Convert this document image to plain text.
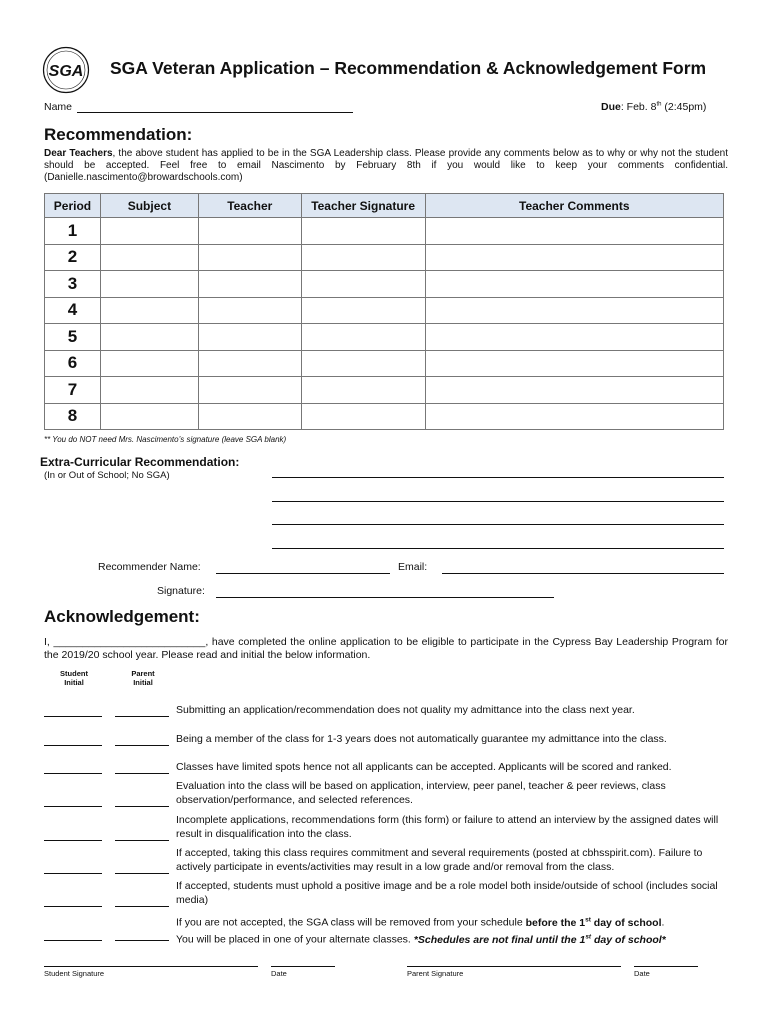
SGA SGA Veteran Application – Recommendation & Acknowledgement Form
Name	Due: Feb. 8th (2:45pm)
Recommendation:
Dear Teachers, the above student has applied to be in the SGA Leadership class. Please provide any comments below as to why or why not the student should be accepted. Feel free to email Nascimento by February 8th if you would like to keep your comments confidential. (Danielle.nascimento@browardschools.com)
Period	Subject	Teacher	Teacher Signature	Teacher Comments
1				
2				
3				
4				
5				
6				
7				
8				
** You do NOT need Mrs. Nascimento’s signature (leave SGA blank)
Extra-Curricular Recommendation:
(In or Out of School; No SGA)
Recommender Name:	Email:
Signature:
Acknowledgement:
I, __________________________, have completed the online application to be eligible to participate in the Cypress Bay Leadership Program for the 2019/20 school year. Please read and initial the below information.
Student
Initial
Parent
Initial
Submitting an application/recommendation does not quality my admittance into the class next year.
Being a member of the class for 1-3 years does not automatically guarantee my admittance into the class.
Classes have limited spots hence not all applicants can be accepted. Applicants will be scored and ranked.
Evaluation into the class will be based on application, interview, peer panel, teacher & peer reviews, class observation/performance, and selected references.
Incomplete applications, recommendations form (this form) or failure to attend an interview by the assigned dates will result in disqualification into the class.
If accepted, taking this class requires commitment and several requirements (posted at cbhsspirit.com). Failure to actively participate in events/activities may result in a low grade and/or removal from the class.
If accepted, students must uphold a positive image and be a role model both inside/outside of school (includes social media)
If you are not accepted, the SGA class will be removed from your schedule before the 1st day of school.
You will be placed in one of your alternate classes. *Schedules are not final until the 1st day of school*
Student Signature	Date	Parent Signature	Date
